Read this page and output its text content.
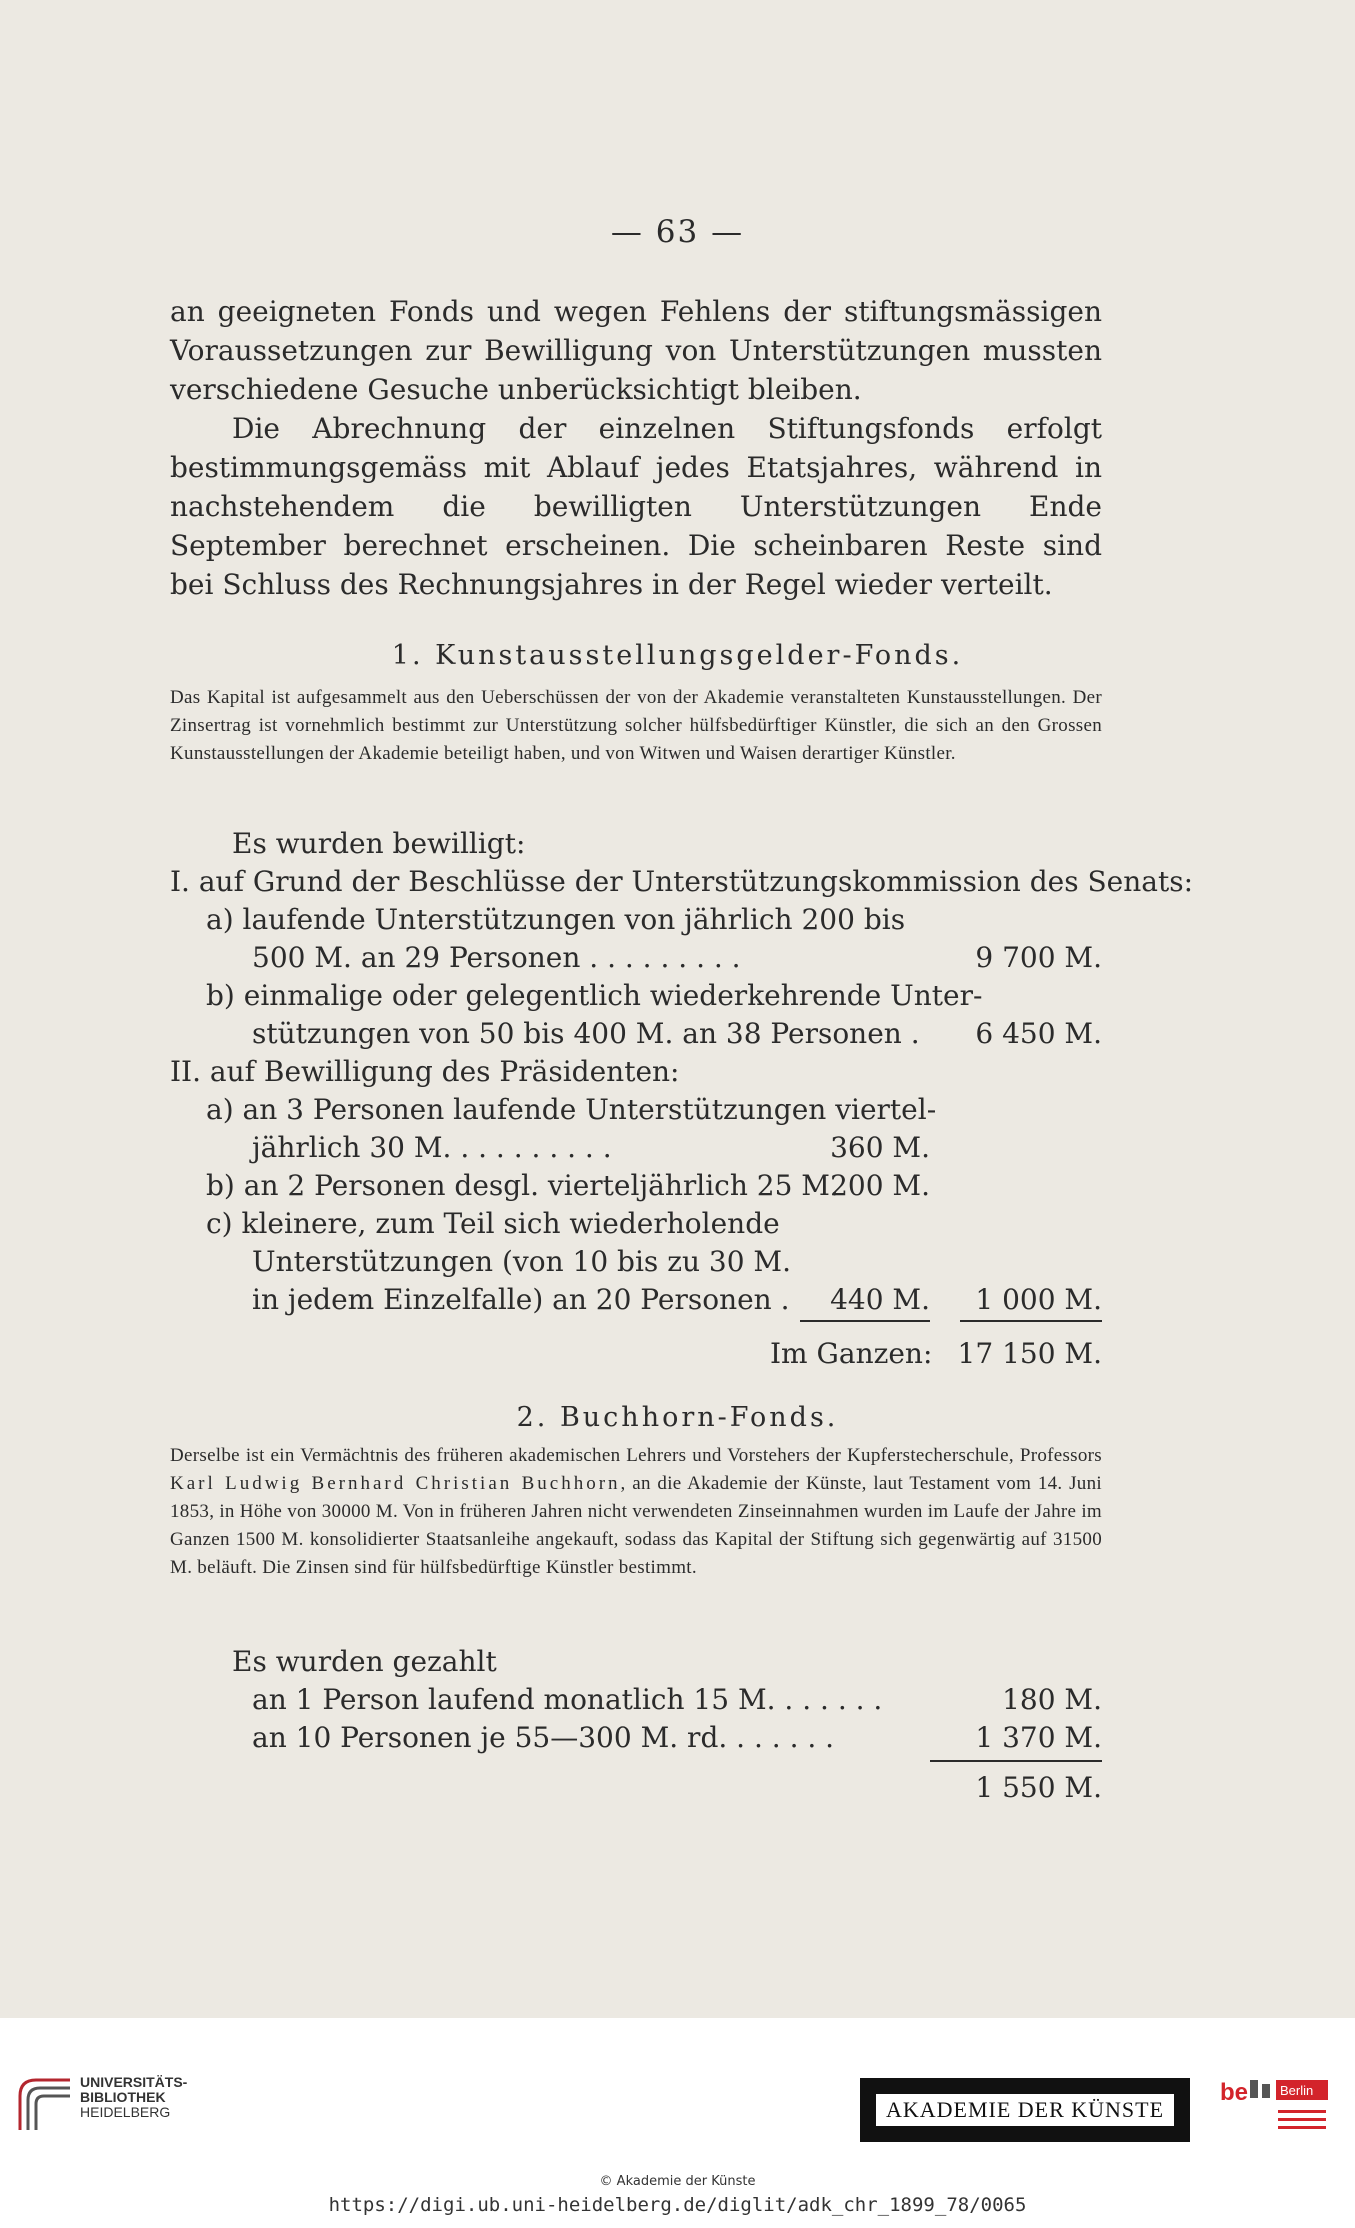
— 63 —

an geeigneten Fonds und wegen Fehlens der stiftungsmässigen Voraussetzungen zur Bewilligung von Unterstützungen mussten verschiedene Gesuche unberücksichtigt bleiben.

Die Abrechnung der einzelnen Stiftungsfonds erfolgt bestimmungsgemäss mit Ablauf jedes Etatsjahres, während in nachstehendem die bewilligten Unterstützungen Ende September berechnet erscheinen. Die scheinbaren Reste sind bei Schluss des Rechnungsjahres in der Regel wieder verteilt.

1. Kunstausstellungsgelder-Fonds.
Das Kapital ist aufgesammelt aus den Ueberschüssen der von der Akademie veranstalteten Kunstausstellungen. Der Zinsertrag ist vornehmlich bestimmt zur Unterstützung solcher hülfsbedürftiger Künstler, die sich an den Grossen Kunstausstellungen der Akademie beteiligt haben, und von Witwen und Waisen derartiger Künstler.
Es wurden bewilligt:
I. auf Grund der Beschlüsse der Unterstützungskommission des Senats:
a) laufende Unterstützungen von jährlich 200 bis
500 M. an 29 Personen . . . . . . . . .	9 700 M.
b) einmalige oder gelegentlich wiederkehrende Unter-
stützungen von 50 bis 400 M. an 38 Personen .	6 450 M.
II. auf Bewilligung des Präsidenten:
a) an 3 Personen laufende Unterstützungen viertel-
jährlich 30 M. . . . . . . . . .	360 M.
b) an 2 Personen desgl. vierteljährlich 25 M.
200 M.
c) kleinere, zum Teil sich wiederholende
Unterstützungen (von 10 bis zu 30 M.
in jedem Einzelfalle) an 20 Personen .	440 M.	1 000 M.
Im Ganzen: 17 150 M.
2. Buchhorn-Fonds.
Derselbe ist ein Vermächtnis des früheren akademischen Lehrers und Vorstehers der Kupferstecherschule, Professors Karl Ludwig Bernhard Christian Buchhorn, an die Akademie der Künste, laut Testament vom 14. Juni 1853, in Höhe von 30000 M. Von in früheren Jahren nicht verwendeten Zinseinnahmen wurden im Laufe der Jahre im Ganzen 1500 M. konsolidierter Staatsanleihe angekauft, sodass das Kapital der Stiftung sich gegenwärtig auf 31500 M. beläuft. Die Zinsen sind für hülfsbedürftige Künstler bestimmt.
Es wurden gezahlt
an 1 Person laufend monatlich 15 M. . . . . . .	180 M.
an 10 Personen je 55—300 M. rd. . . . . . .	1 370 M.
1 550 M.
UNIVERSITÄTS-
BIBLIOTHEK
HEIDELBERG	AKADEMIE DER KÜNSTE
be Berlin
© Akademie der Künste
https://digi.ub.uni-heidelberg.de/diglit/adk_chr_1899_78/0065
